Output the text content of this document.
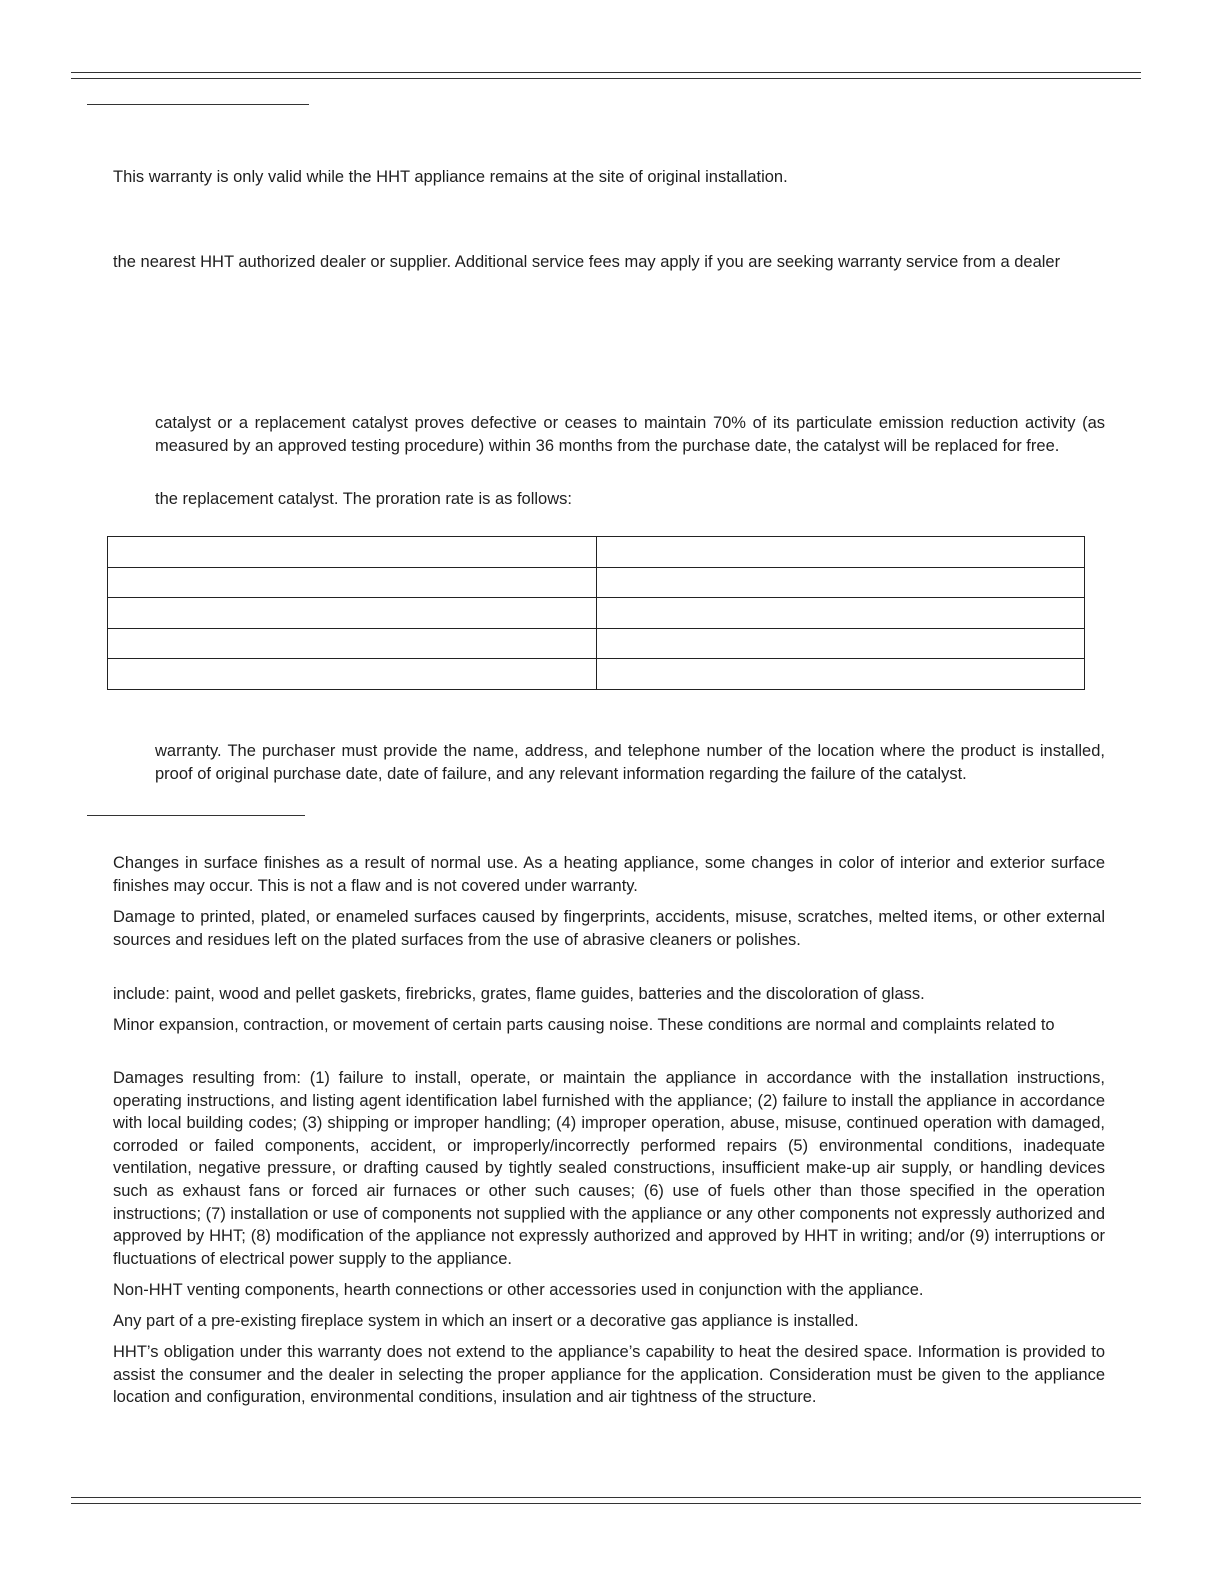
This warranty is only valid while the HHT appliance remains at the site of original installation.

the nearest HHT authorized dealer or supplier. Additional service fees may apply if you are seeking warranty service from a dealer

catalyst or a replacement catalyst proves defective or ceases to maintain 70% of its particulate emission reduction activity (as measured by an approved testing procedure) within 36 months from the purchase date, the catalyst will be replaced for free.

the replacement catalyst. The proration rate is as follows:

warranty. The purchaser must provide the name, address, and telephone number of the location where the product is installed, proof of original purchase date, date of failure, and any relevant information regarding the failure of the catalyst.

Changes in surface finishes as a result of normal use. As a heating appliance, some changes in color of interior and exterior surface finishes may occur. This is not a flaw and is not covered under warranty.

Damage to printed, plated, or enameled surfaces caused by fingerprints, accidents, misuse, scratches, melted items, or other external sources and residues left on the plated surfaces from the use of abrasive cleaners or polishes.

include: paint, wood and pellet gaskets, firebricks, grates, flame guides, batteries and the discoloration of glass.

Minor expansion, contraction, or movement of certain parts causing noise. These conditions are normal and complaints related to

Damages resulting from: (1) failure to install, operate, or maintain the appliance in accordance with the installation instructions, operating instructions, and listing agent identification label furnished with the appliance; (2) failure to install the appliance in accordance with local building codes; (3) shipping or improper handling; (4) improper operation, abuse, misuse, continued operation with damaged, corroded or failed components, accident, or improperly/incorrectly performed repairs (5) environmental conditions, inadequate ventilation, negative pressure, or drafting caused by tightly sealed constructions, insufficient make-up air supply, or handling devices such as exhaust fans or forced air furnaces or other such causes; (6) use of fuels other than those specified in the operation instructions; (7) installation or use of components not supplied with the appliance or any other components not expressly authorized and approved by HHT; (8) modification of the appliance not expressly authorized and approved by HHT in writing; and/or (9) interruptions or fluctuations of electrical power supply to the appliance.

Non-HHT venting components, hearth connections or other accessories used in conjunction with the appliance.

Any part of a pre-existing fireplace system in which an insert or a decorative gas appliance is installed.

HHT’s obligation under this warranty does not extend to the appliance’s capability to heat the desired space. Information is provided to assist the consumer and the dealer in selecting the proper appliance for the application. Consideration must be given to the appliance location and configuration, environmental conditions, insulation and air tightness of the structure.
